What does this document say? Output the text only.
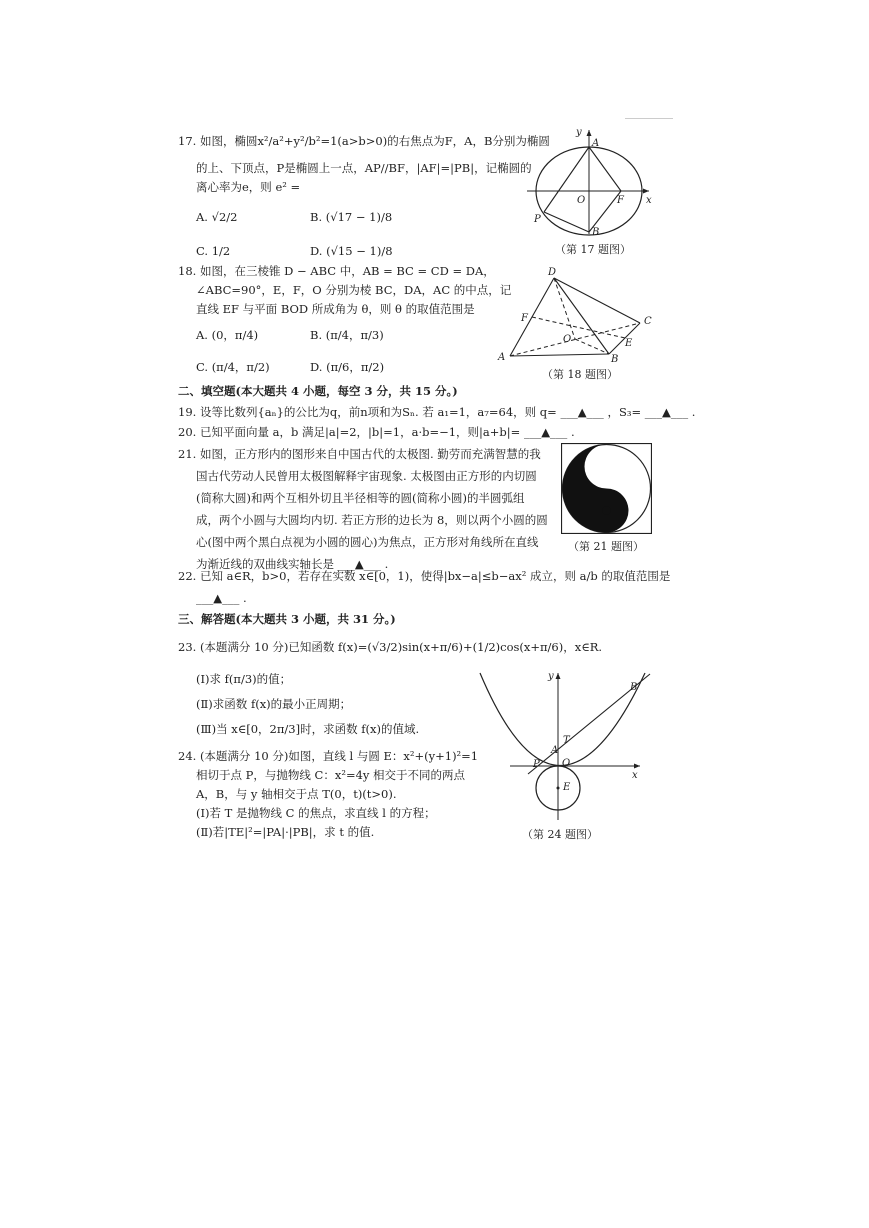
17. 如图，椭圆x²/a²+y²/b²=1(a>b>0)的右焦点为F，A，B分别为椭圆
的上、下顶点，P是椭圆上一点，AP//BF，|AF|=|PB|，记椭圆的
离心率为e，则 e² =
A. √2/2	B. (√17 − 1)/8
C. 1/2	D. (√15 − 1)/8
y
x
A
B
O	F
P
（第 17 题图）
18. 如图，在三棱锥 D − ABC 中，AB = BC = CD = DA，
∠ABC=90°，E，F，O 分别为棱 BC，DA，AC 的中点，记
直线 EF 与平面 BOD 所成角为 θ，则 θ 的取值范围是
A. (0，π/4)	B. (π/4，π/3)
C. (π/4，π/2)	D. (π/6，π/2)
D
C
F
O	E
A	B
（第 18 题图）
二、填空题(本大题共 4 小题，每空 3 分，共 15 分。)
19. 设等比数列{aₙ}的公比为q，前n项和为Sₙ. 若 a₁=1，a₇=64，则 q= ___▲___ ，S₃= ___▲___ .
20. 已知平面向量 a，b 满足|a|=2，|b|=1，a·b=−1，则|a+b|= ___▲___ .
21. 如图，正方形内的图形来自中国古代的太极图. 勤劳而充满智慧的我
国古代劳动人民曾用太极图解释宇宙现象. 太极图由正方形的内切圆
(简称大圆)和两个互相外切且半径相等的圆(简称小圆)的半圆弧组
成，两个小圆与大圆均内切. 若正方形的边长为 8，则以两个小圆的圆
心(图中两个黑白点视为小圆的圆心)为焦点，正方形对角线所在直线
为渐近线的双曲线实轴长是 ___▲___ .
（第 21 题图）
22. 已知 a∈R，b>0，若存在实数 x∈[0，1)，使得|bx−a|≤b−ax² 成立，则 a/b 的取值范围是
___▲___ .
三、解答题(本大题共 3 小题，共 31 分。)
23. (本题满分 10 分)已知函数 f(x)=(√3/2)sin(x+π/6)+(1/2)cos(x+π/6)，x∈R.
(Ⅰ)求 f(π/3)的值；
(Ⅱ)求函数 f(x)的最小正周期；
(Ⅲ)当 x∈[0，2π/3]时，求函数 f(x)的值域.
24. (本题满分 10 分)如图，直线 l 与圆 E：x²+(y+1)²=1
相切于点 P，与抛物线 C：x²=4y 相交于不同的两点
A，B，与 y 轴相交于点 T(0，t)(t>0).
(Ⅰ)若 T 是抛物线 C 的焦点，求直线 l 的方程；
(Ⅱ)若|TE|²=|PA|·|PB|，求 t 的值.
y
x
B
T
A
P O
E
（第 24 题图）
